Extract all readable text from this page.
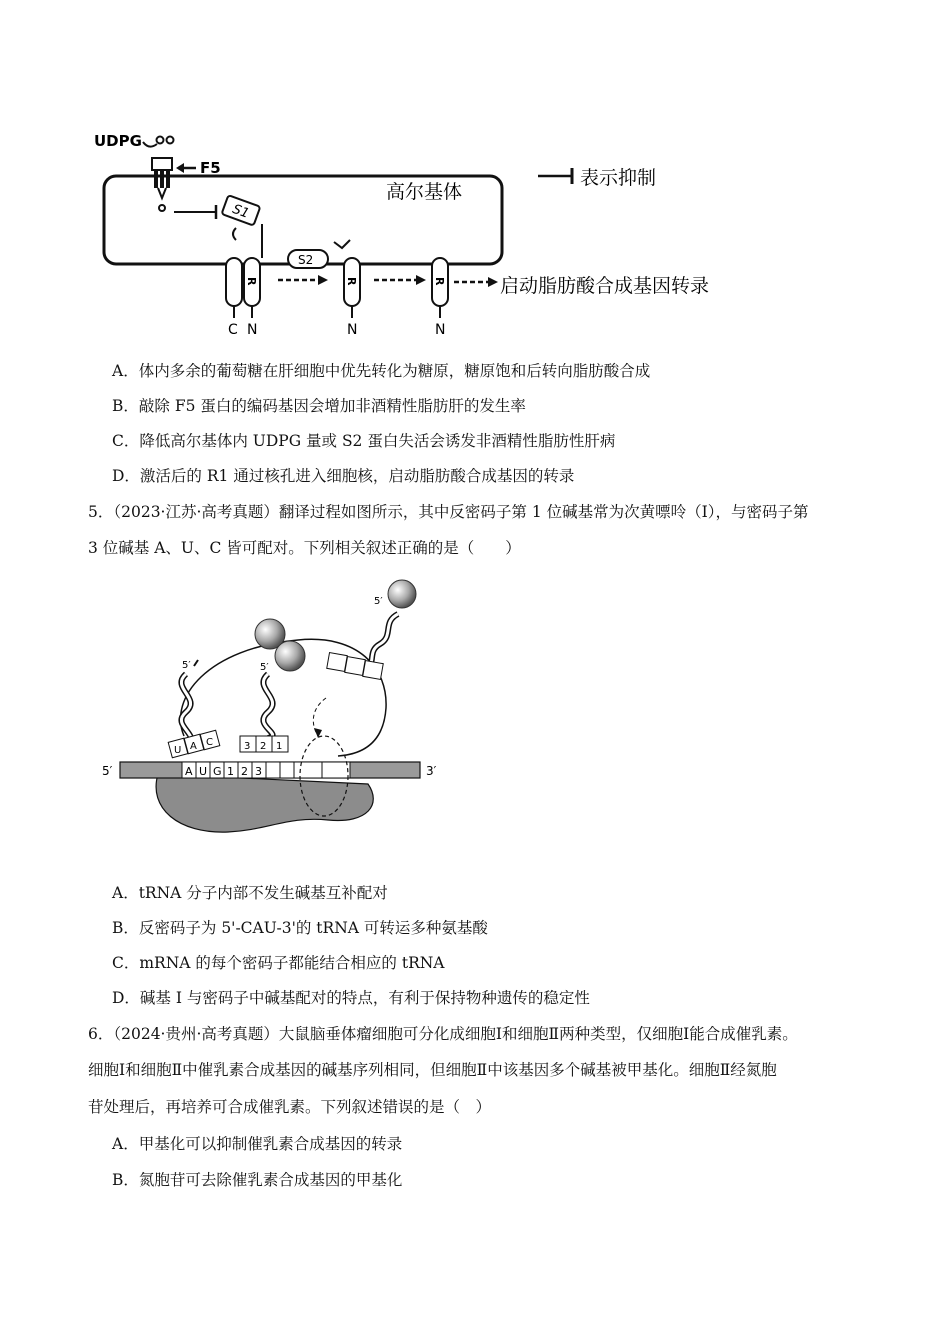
UDPG
F5
高尔基体
S1
R
C N
S2
R
N
R
N
启动脂肪酸合成基因转录
表示抑制
A．体内多余的葡萄糖在肝细胞中优先转化为糖原，糖原饱和后转向脂肪酸合成
B．敲除 F5 蛋白的编码基因会增加非酒精性脂肪肝的发生率
C．降低高尔基体内 UDPG 量或 S2 蛋白失活会诱发非酒精性脂肪性肝病
D．激活后的 R1 通过核孔进入细胞核，启动脂肪酸合成基因的转录
5．（2023·江苏·高考真题）翻译过程如图所示，其中反密码子第 1 位碱基常为次黄嘌呤（I），与密码子第
3 位碱基 A、U、C 皆可配对。下列相关叙述正确的是（　　）
5′	3′
A U G 1 2 3
5′
U A C
5′
3 2 1
5′
A．tRNA 分子内部不发生碱基互补配对
B．反密码子为 5'-CAU-3'的 tRNA 可转运多种氨基酸
C．mRNA 的每个密码子都能结合相应的 tRNA
D．碱基 I 与密码子中碱基配对的特点，有利于保持物种遗传的稳定性
6．（2024·贵州·高考真题）大鼠脑垂体瘤细胞可分化成细胞Ⅰ和细胞Ⅱ两种类型，仅细胞Ⅰ能合成催乳素。
细胞Ⅰ和细胞Ⅱ中催乳素合成基因的碱基序列相同，但细胞Ⅱ中该基因多个碱基被甲基化。细胞Ⅱ经氮胞
苷处理后，再培养可合成催乳素。下列叙述错误的是（　）
A．甲基化可以抑制催乳素合成基因的转录
B．氮胞苷可去除催乳素合成基因的甲基化
